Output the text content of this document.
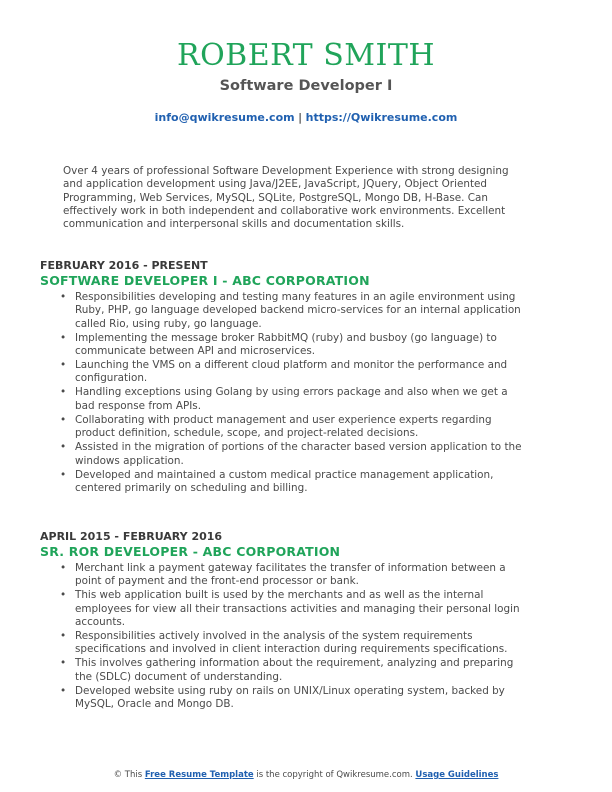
ROBERT SMITH
Software Developer I
info@qwikresume.com | https://Qwikresume.com
Over 4 years of professional Software Development Experience with strong designing and application development using Java/J2EE, JavaScript, JQuery, Object Oriented Programming, Web Services, MySQL, SQLite, PostgreSQL, Mongo DB, H-Base. Can effectively work in both independent and collaborative work environments. Excellent communication and interpersonal skills and documentation skills.
FEBRUARY 2016 - PRESENT
SOFTWARE DEVELOPER I - ABC CORPORATION
• Responsibilities developing and testing many features in an agile environment using Ruby, PHP, go language developed backend micro-services for an internal application called Rio, using ruby, go language.
• Implementing the message broker RabbitMQ (ruby) and busboy (go language) to communicate between API and microservices.
• Launching the VMS on a different cloud platform and monitor the performance and configuration.
• Handling exceptions using Golang by using errors package and also when we get a bad response from APIs.
• Collaborating with product management and user experience experts regarding product definition, schedule, scope, and project-related decisions.
• Assisted in the migration of portions of the character based version application to the windows application.
• Developed and maintained a custom medical practice management application, centered primarily on scheduling and billing.
APRIL 2015 - FEBRUARY 2016
SR. ROR DEVELOPER - ABC CORPORATION
• Merchant link a payment gateway facilitates the transfer of information between a point of payment and the front-end processor or bank.
• This web application built is used by the merchants and as well as the internal employees for view all their transactions activities and managing their personal login accounts.
• Responsibilities actively involved in the analysis of the system requirements specifications and involved in client interaction during requirements specifications.
• This involves gathering information about the requirement, analyzing and preparing the (SDLC) document of understanding.
• Developed website using ruby on rails on UNIX/Linux operating system, backed by MySQL, Oracle and Mongo DB.
© This Free Resume Template is the copyright of Qwikresume.com. Usage Guidelines
